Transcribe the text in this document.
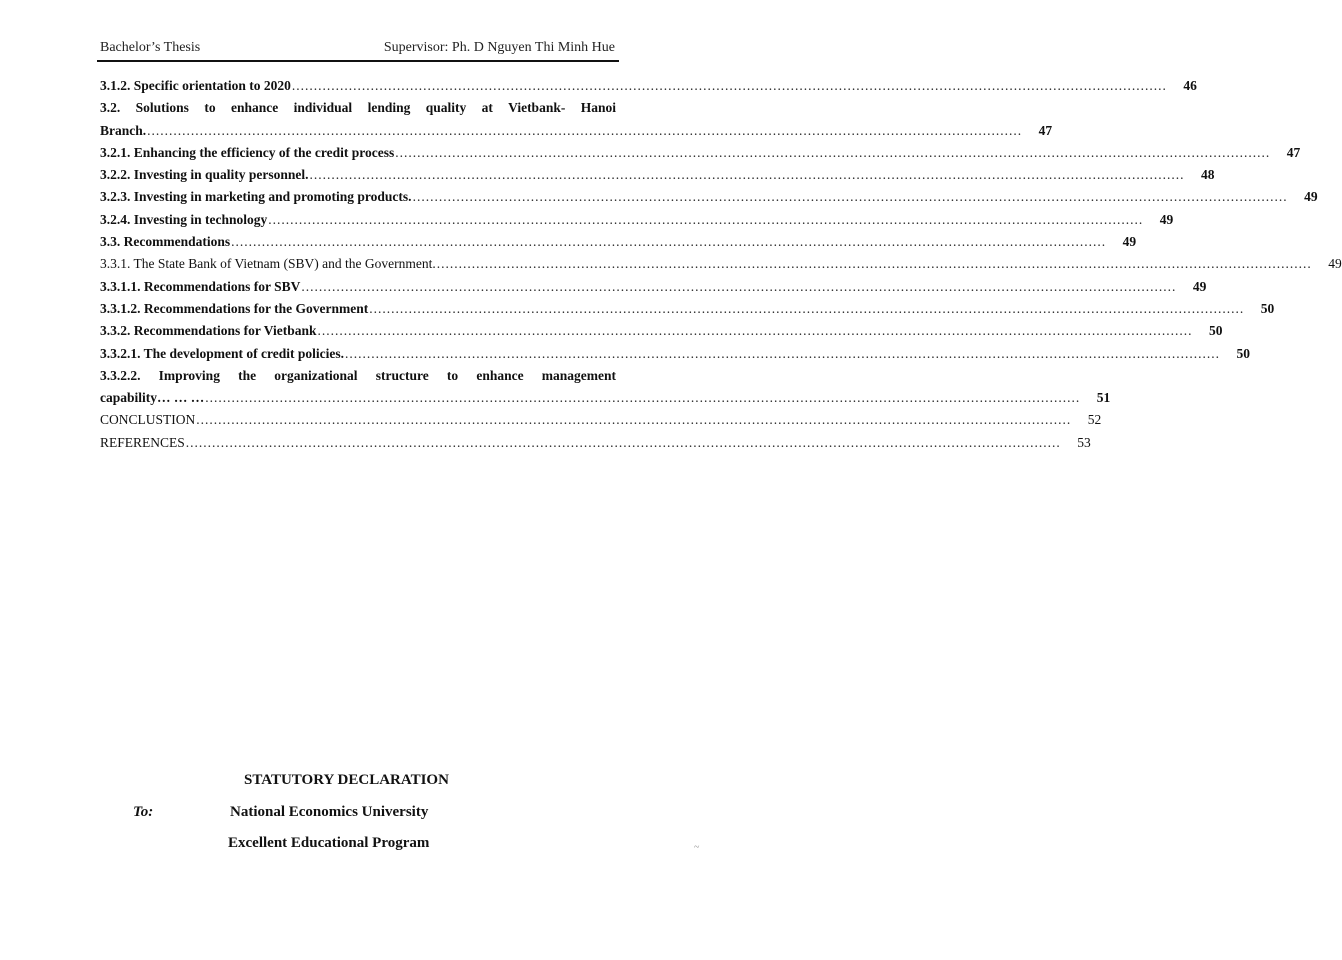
Bachelor’s Thesis	Supervisor: Ph. D Nguyen Thi Minh Hue
3.1.2. Specific orientation to 2020 ........................................................................................................................................................................................................	46
3.2. Solutions to enhance individual lending quality at Vietbank- Hanoi
Branch. ........................................................................................................................................................................................................	47
3.2.1. Enhancing the efficiency of the credit process ........................................................................................................................................................................................................	47
3.2.2. Investing in quality personnel. ........................................................................................................................................................................................................	48
3.2.3. Investing in marketing and promoting products. ........................................................................................................................................................................................................	49
3.2.4. Investing in technology ........................................................................................................................................................................................................	49
3.3. Recommendations ........................................................................................................................................................................................................	49
3.3.1. The State Bank of Vietnam (SBV) and the Government. ........................................................................................................................................................................................................	49
3.3.1.1. Recommendations for SBV ........................................................................................................................................................................................................	49
3.3.1.2. Recommendations for the Government ........................................................................................................................................................................................................	50
3.3.2. Recommendations for Vietbank ........................................................................................................................................................................................................	50
3.3.2.1. The development of credit policies. ........................................................................................................................................................................................................	50
3.3.2.2. Improving the organizational structure to enhance management
capability… … … ........................................................................................................................................................................................................	51
CONCLUSTION ........................................................................................................................................................................................................	52
REFERENCES ........................................................................................................................................................................................................	53
STATUTORY DECLARATION
To:	National Economics University
Excellent Educational Program	~
